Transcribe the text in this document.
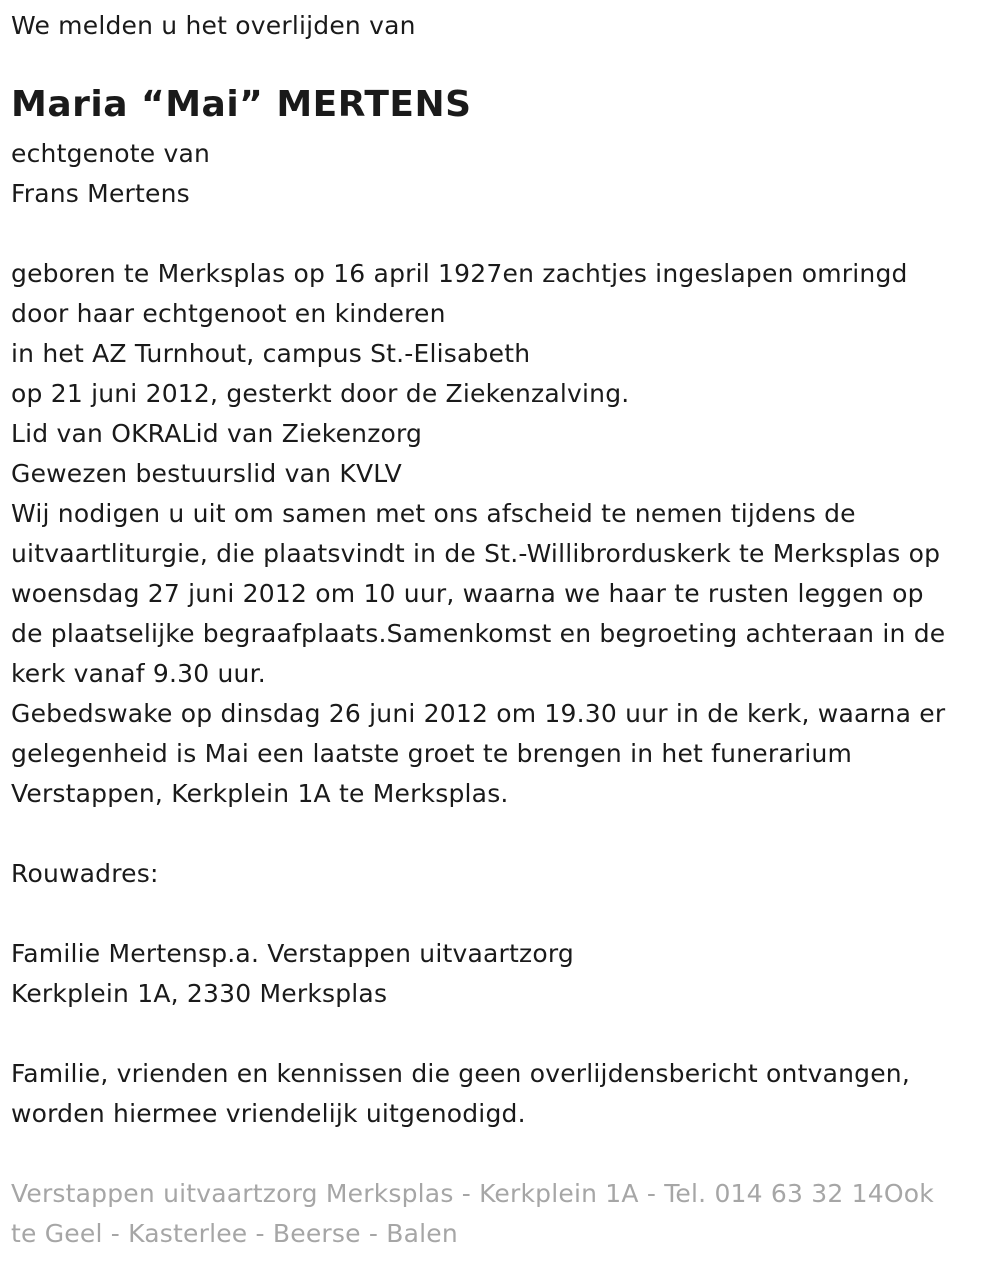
We melden u het overlijden van
Maria “Mai” MERTENS
echtgenote van
Frans Mertens
geboren te Merksplas op 16 april 1927en zachtjes ingeslapen omringd
door haar echtgenoot en kinderen
in het AZ Turnhout, campus St.-Elisabeth
op 21 juni 2012, gesterkt door de Ziekenzalving.
Lid van OKRALid van Ziekenzorg
Gewezen bestuurslid van KVLV
Wij nodigen u uit om samen met ons afscheid te nemen tijdens de
uitvaartliturgie, die plaatsvindt in de St.-Willibrorduskerk te Merksplas op
woensdag 27 juni 2012 om 10 uur, waarna we haar te rusten leggen op
de plaatselijke begraafplaats.Samenkomst en begroeting achteraan in de
kerk vanaf 9.30 uur.
Gebedswake op dinsdag 26 juni 2012 om 19.30 uur in de kerk, waarna er
gelegenheid is Mai een laatste groet te brengen in het funerarium
Verstappen, Kerkplein 1A te Merksplas.
Rouwadres:
Familie Mertensp.a. Verstappen uitvaartzorg
Kerkplein 1A, 2330 Merksplas
Familie, vrienden en kennissen die geen overlijdensbericht ontvangen,
worden hiermee vriendelijk uitgenodigd.
Verstappen uitvaartzorg Merksplas - Kerkplein 1A - Tel. 014 63 32 14Ook
te Geel - Kasterlee - Beerse - Balen
